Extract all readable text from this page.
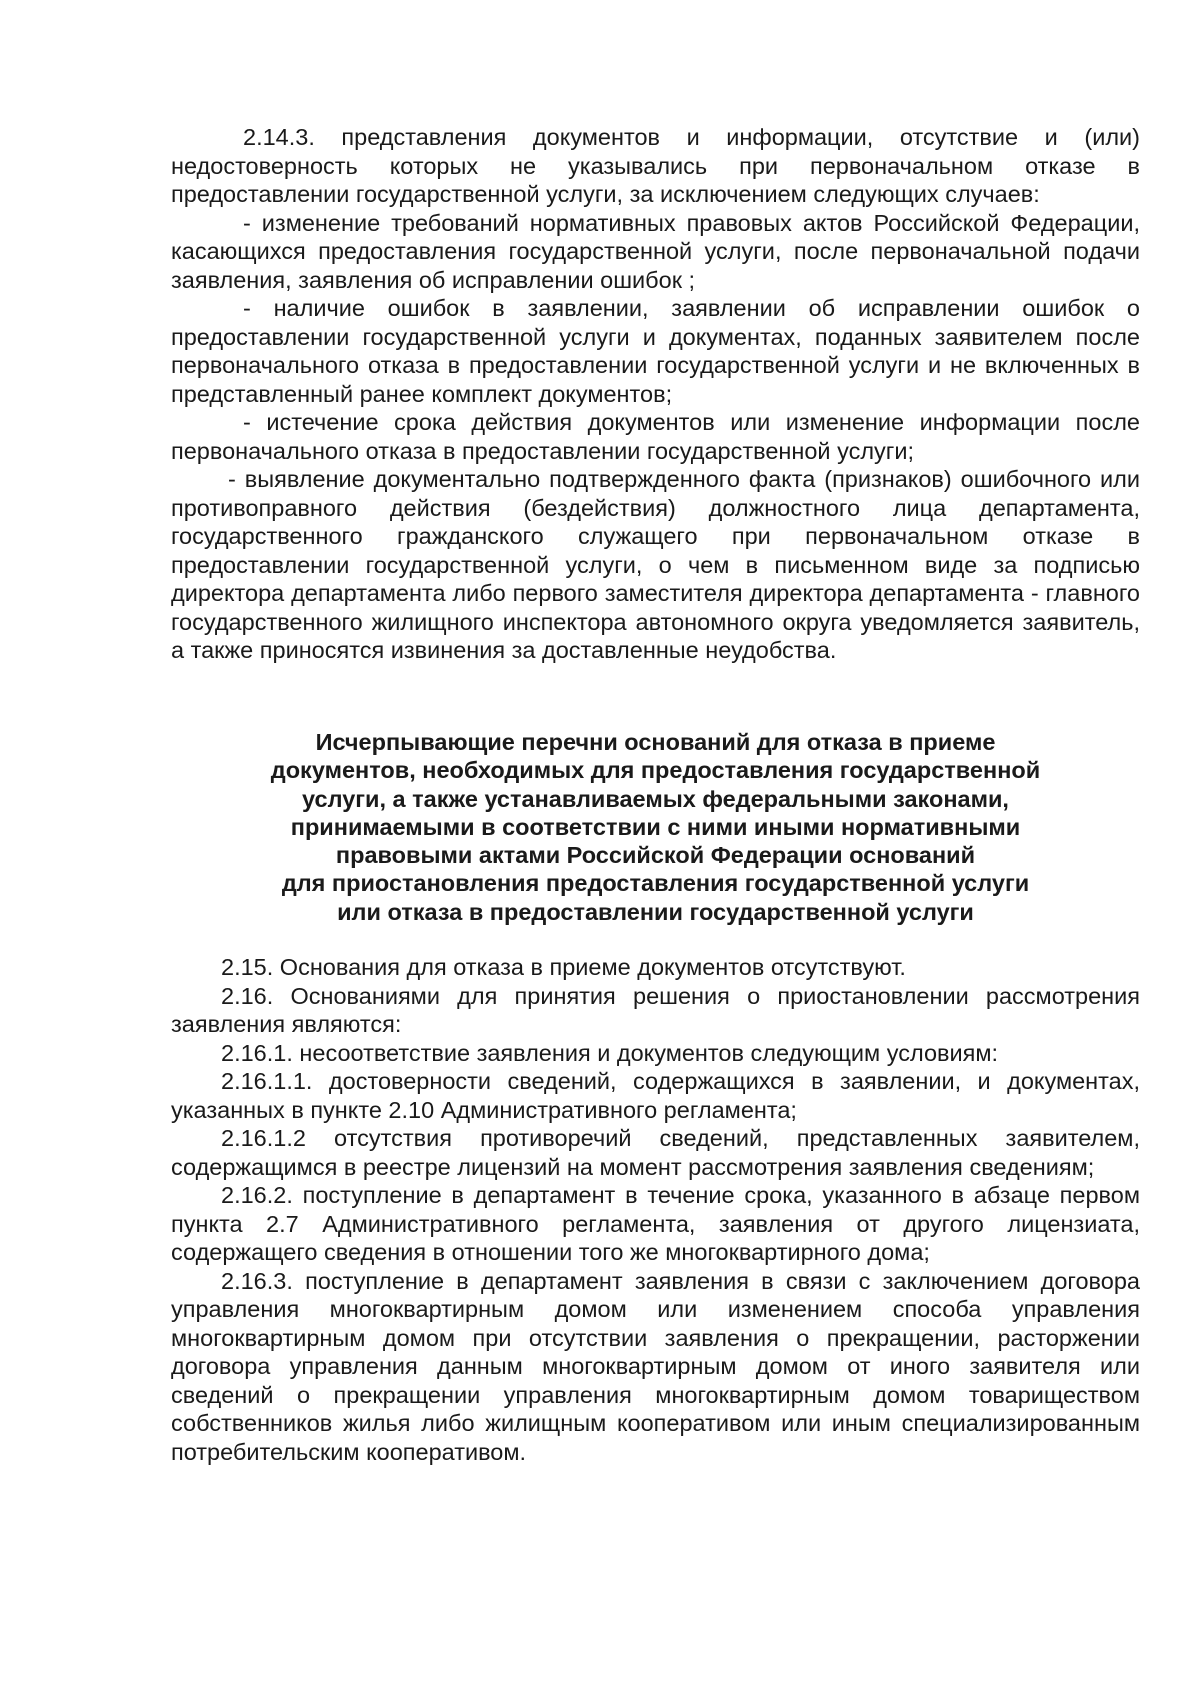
2.14.3. представления документов и информации, отсутствие и (или) недостоверность которых не указывались при первоначальном отказе в предоставлении государственной услуги, за исключением следующих случаев:

- изменение требований нормативных правовых актов Российской Федерации, касающихся предоставления государственной услуги, после первоначальной подачи заявления, заявления об исправлении ошибок ;

- наличие ошибок в заявлении, заявлении об исправлении ошибок о предоставлении государственной услуги и документах, поданных заявителем после первоначального отказа в предоставлении государственной услуги и не включенных в представленный ранее комплект документов;

- истечение срока действия документов или изменение информации после первоначального отказа в предоставлении государственной услуги;

- выявление документально подтвержденного факта (признаков) ошибочного или противоправного действия (бездействия) должностного лица департамента, государственного гражданского служащего при первоначальном отказе в предоставлении государственной услуги, о чем в письменном виде за подписью директора департамента либо первого заместителя директора департамента - главного государственного жилищного инспектора автономного округа уведомляется заявитель, а также приносятся извинения за доставленные неудобства.

Исчерпывающие перечни оснований для отказа в приеме
документов, необходимых для предоставления государственной
услуги, а также устанавливаемых федеральными законами,
принимаемыми в соответствии с ними иными нормативными
правовыми актами Российской Федерации оснований
для приостановления предоставления государственной услуги
или отказа в предоставлении государственной услуги

2.15. Основания для отказа в приеме документов отсутствуют.

2.16. Основаниями для принятия решения о приостановлении рассмотрения заявления являются:

2.16.1. несоответствие заявления и документов следующим условиям:

2.16.1.1. достоверности сведений, содержащихся в заявлении, и документах, указанных в пункте 2.10 Административного регламента;

2.16.1.2 отсутствия противоречий сведений, представленных заявителем, содержащимся в реестре лицензий на момент рассмотрения заявления сведениям;

2.16.2. поступление в департамент в течение срока, указанного в абзаце первом пункта 2.7 Административного регламента, заявления от другого лицензиата, содержащего сведения в отношении того же многоквартирного дома;

2.16.3. поступление в департамент заявления в связи с заключением договора управления многоквартирным домом или изменением способа управления многоквартирным домом при отсутствии заявления о прекращении, расторжении договора управления данным многоквартирным домом от иного заявителя или сведений о прекращении управления многоквартирным домом товариществом собственников жилья либо жилищным кооперативом или иным специализированным потребительским кооперативом.
